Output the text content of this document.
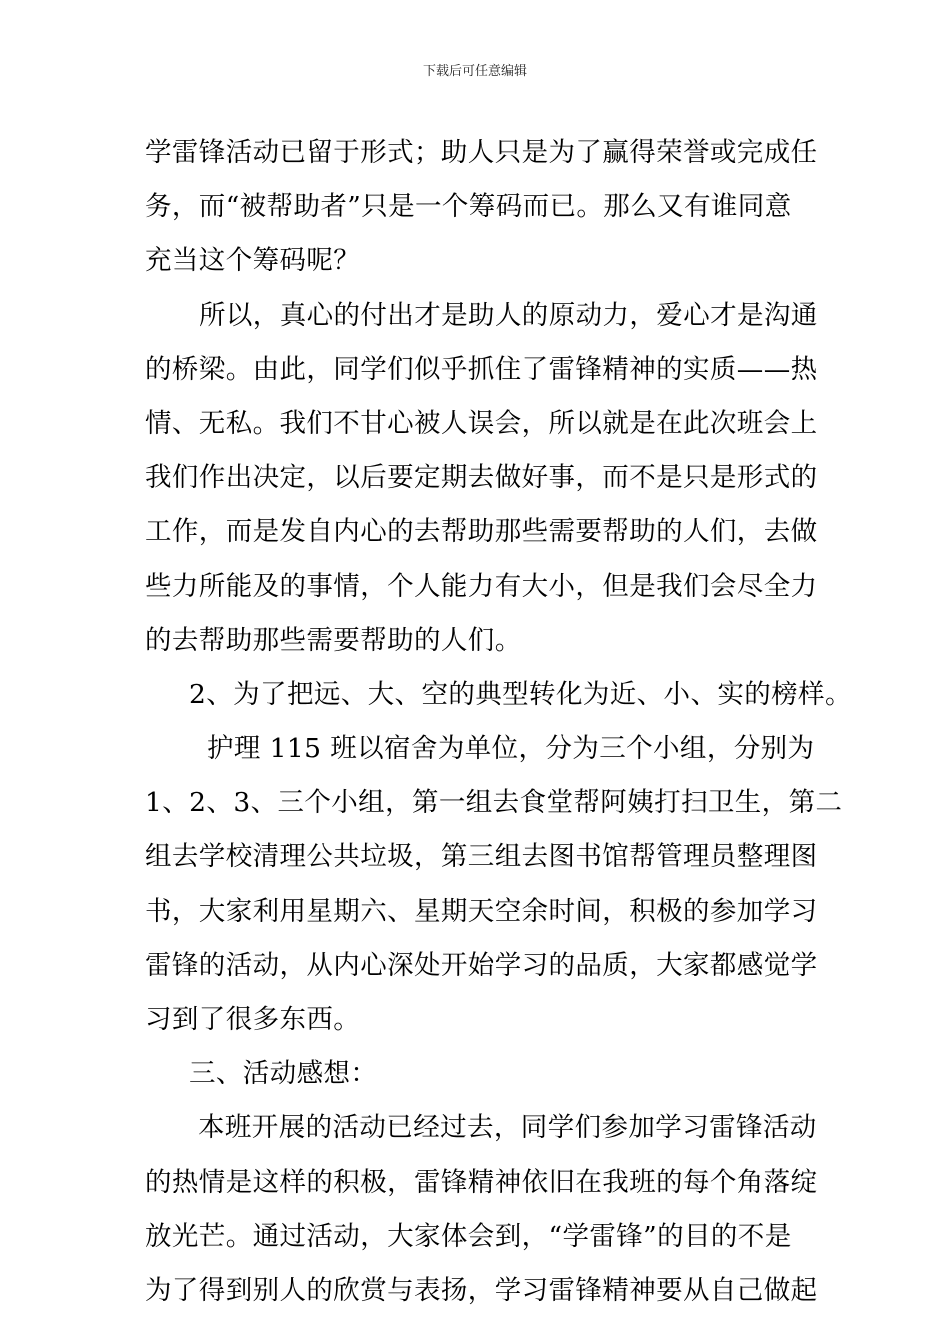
下载后可任意编辑
学雷锋活动已留于形式；助人只是为了赢得荣誉或完成任
务，而“被帮助者”只是一个筹码而已。那么又有谁同意
充当这个筹码呢？
所以，真心的付出才是助人的原动力，爱心才是沟通
的桥梁。由此，同学们似乎抓住了雷锋精神的实质——热
情、无私。我们不甘心被人误会，所以就是在此次班会上
我们作出决定，以后要定期去做好事，而不是只是形式的
工作，而是发自内心的去帮助那些需要帮助的人们，去做
些力所能及的事情，个人能力有大小，但是我们会尽全力
的去帮助那些需要帮助的人们。
2、为了把远、大、空的典型转化为近、小、实的榜样。
护理 115 班以宿舍为单位，分为三个小组，分别为
1、2、3、三个小组，第一组去食堂帮阿姨打扫卫生，第二
组去学校清理公共垃圾，第三组去图书馆帮管理员整理图
书，大家利用星期六、星期天空余时间，积极的参加学习
雷锋的活动，从内心深处开始学习的品质，大家都感觉学
习到了很多东西。
三、活动感想：
本班开展的活动已经过去，同学们参加学习雷锋活动
的热情是这样的积极，雷锋精神依旧在我班的每个角落绽
放光芒。通过活动，大家体会到，“学雷锋”的目的不是
为了得到别人的欣赏与表扬，学习雷锋精神要从自己做起
